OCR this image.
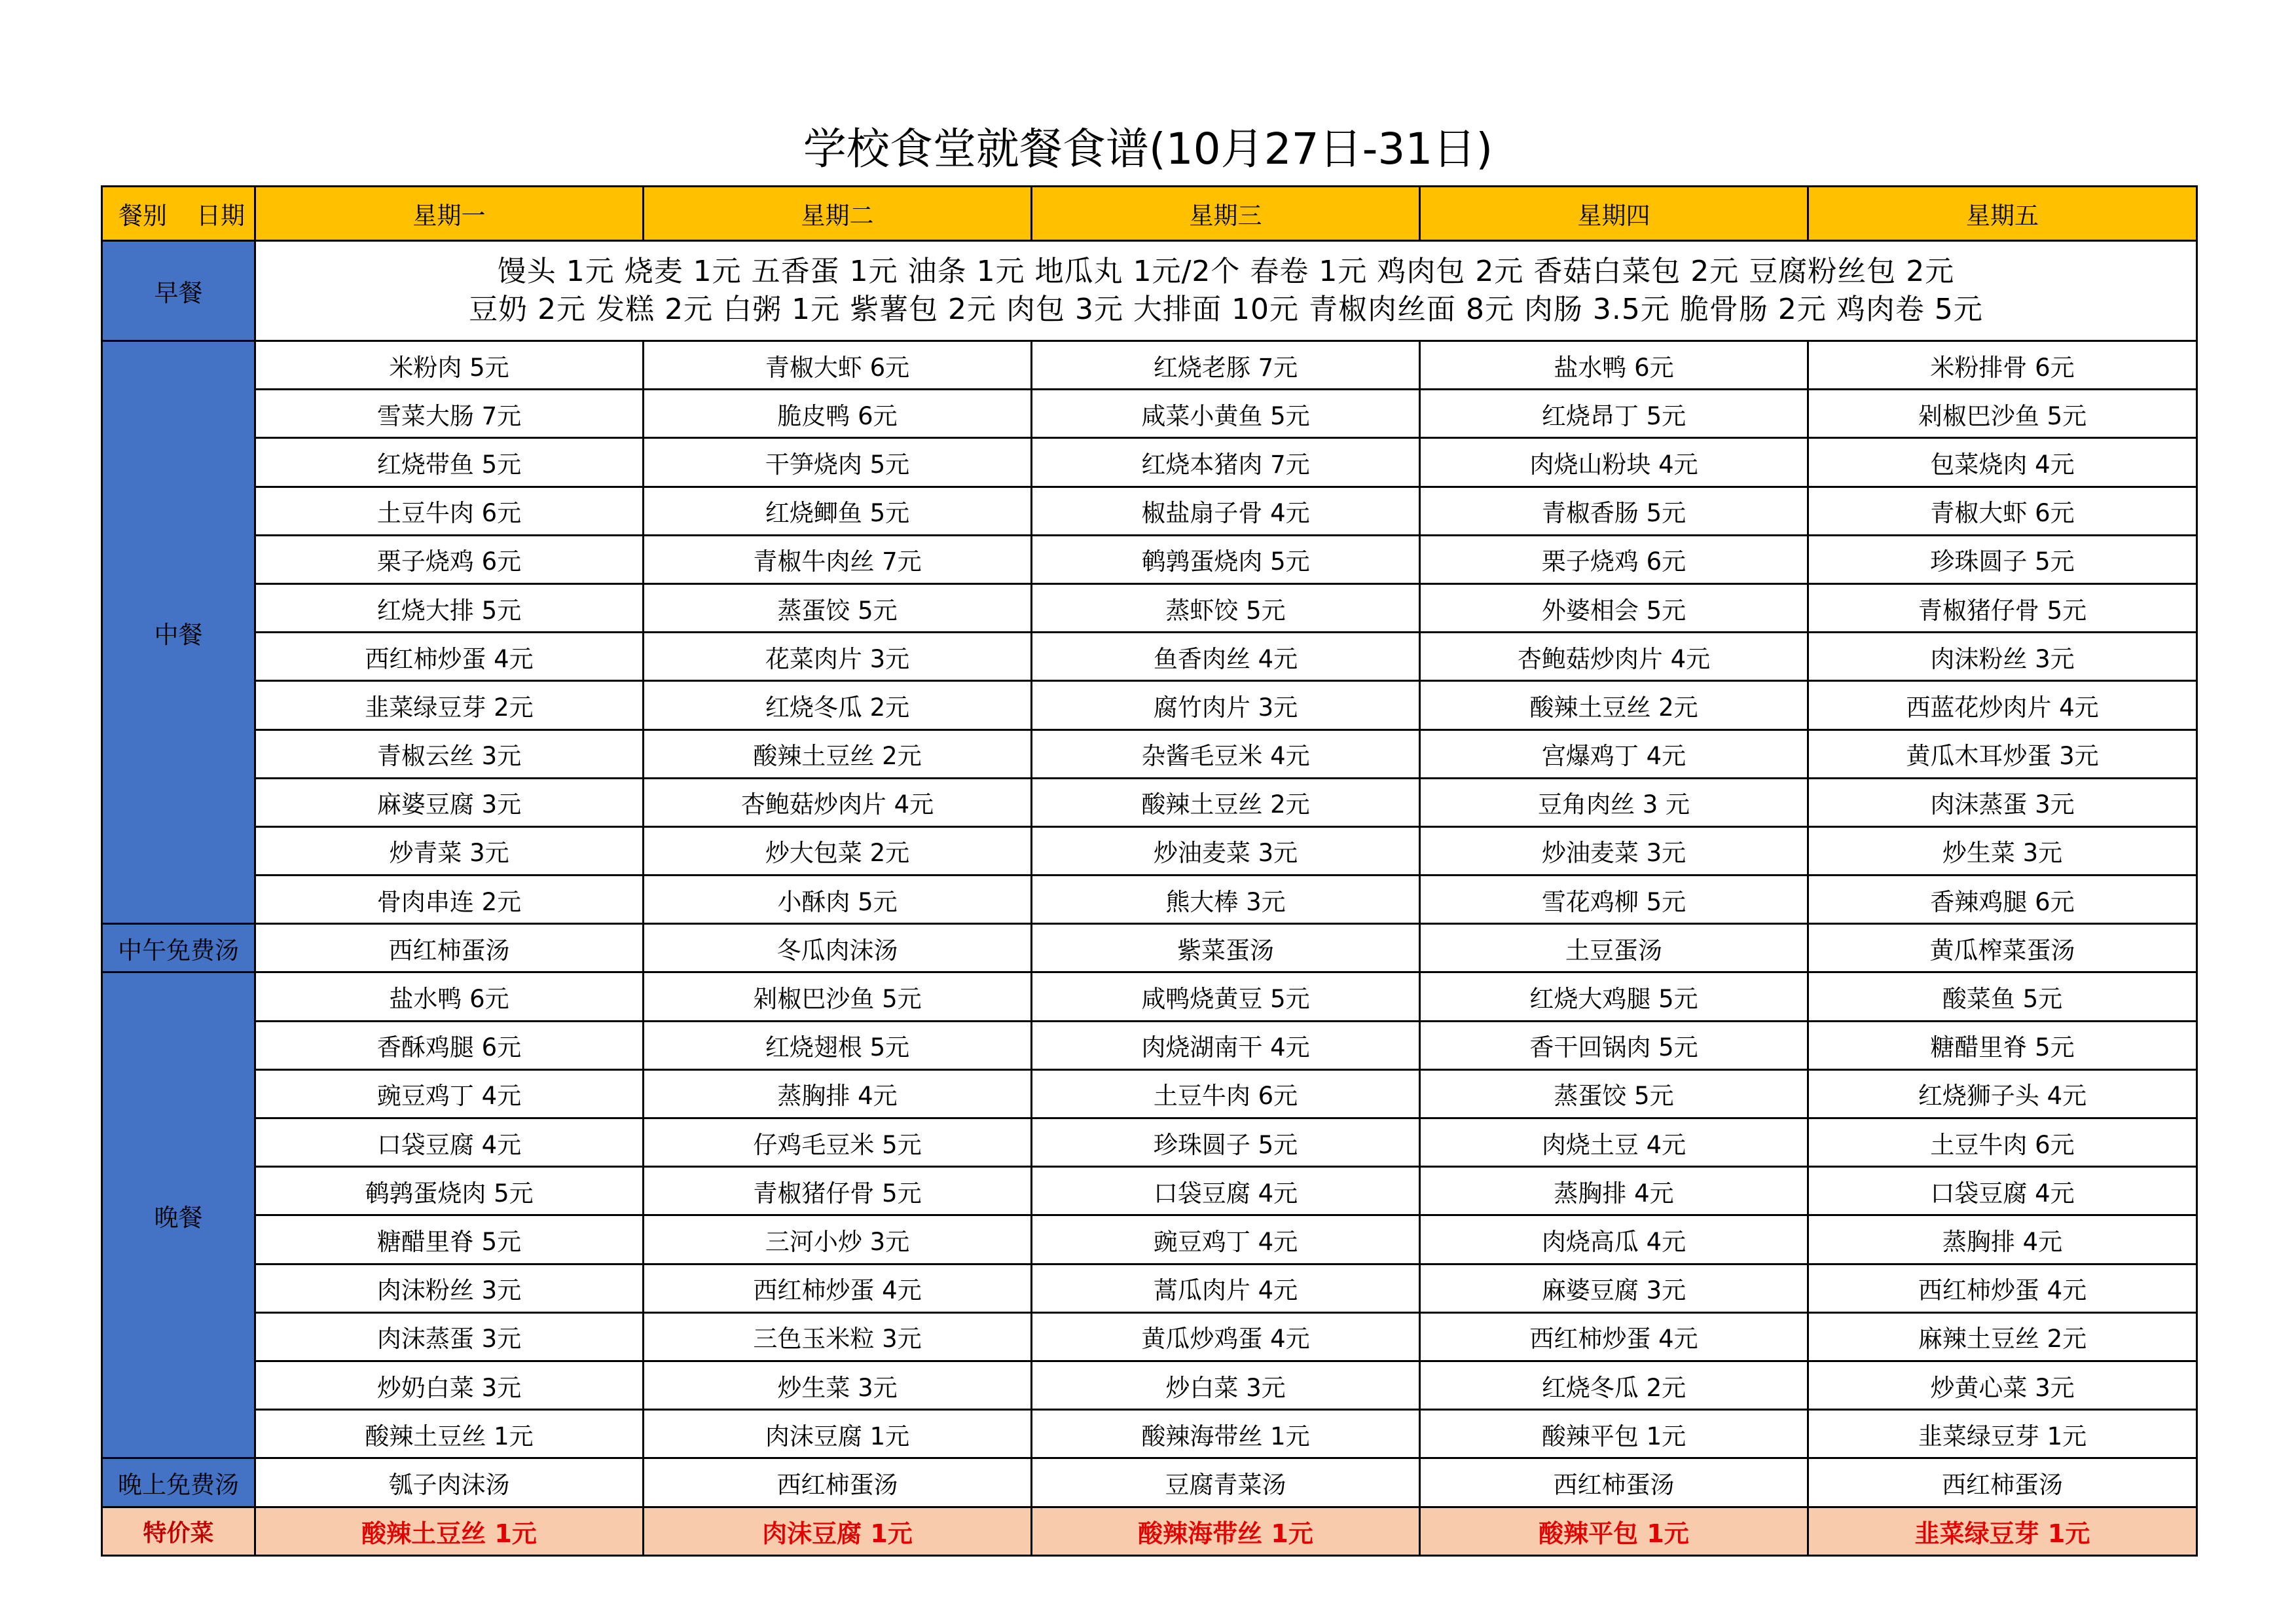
学校食堂就餐食谱(10月27日-31日)
餐别 日期	星期一	星期二	星期三	星期四	星期五
早餐	馒头 1元 烧麦 1元 五香蛋 1元 油条 1元 地瓜丸 1元/2个 春卷 1元 鸡肉包 2元 香菇白菜包 2元 豆腐粉丝包 2元
豆奶 2元 发糕 2元 白粥 1元 紫薯包 2元 肉包 3元 大排面 10元 青椒肉丝面 8元 肉肠 3.5元 脆骨肠 2元 鸡肉卷 5元				

中餐	米粉肉 5元	青椒大虾 6元	红烧老豚 7元	盐水鸭 6元	米粉排骨 6元
	雪菜大肠 7元	脆皮鸭 6元	咸菜小黄鱼 5元	红烧昂丁 5元	剁椒巴沙鱼 5元
	红烧带鱼 5元	干笋烧肉 5元	红烧本猪肉 7元	肉烧山粉块 4元	包菜烧肉 4元
	土豆牛肉 6元	红烧鲫鱼 5元	椒盐扇子骨 4元	青椒香肠 5元	青椒大虾 6元
	栗子烧鸡 6元	青椒牛肉丝 7元	鹌鹑蛋烧肉 5元	栗子烧鸡 6元	珍珠圆子 5元
	红烧大排 5元	蒸蛋饺 5元	蒸虾饺 5元	外婆相会 5元	青椒猪仔骨 5元
	西红柿炒蛋 4元	花菜肉片 3元	鱼香肉丝 4元	杏鲍菇炒肉片 4元	肉沫粉丝 3元
	韭菜绿豆芽 2元	红烧冬瓜 2元	腐竹肉片 3元	酸辣土豆丝 2元	西蓝花炒肉片 4元
	青椒云丝 3元	酸辣土豆丝 2元	杂酱毛豆米 4元	宫爆鸡丁 4元	黄瓜木耳炒蛋 3元
	麻婆豆腐 3元	杏鲍菇炒肉片 4元	酸辣土豆丝 2元	豆角肉丝 3 元	肉沫蒸蛋 3元
	炒青菜 3元	炒大包菜 2元	炒油麦菜 3元	炒油麦菜 3元	炒生菜 3元
	骨肉串连 2元	小酥肉 5元	熊大棒 3元	雪花鸡柳 5元	香辣鸡腿 6元
中午免费汤	西红柿蛋汤	冬瓜肉沫汤	紫菜蛋汤	土豆蛋汤	黄瓜榨菜蛋汤
晚餐	盐水鸭 6元	剁椒巴沙鱼 5元	咸鸭烧黄豆 5元	红烧大鸡腿 5元	酸菜鱼 5元
	香酥鸡腿 6元	红烧翅根 5元	肉烧湖南干 4元	香干回锅肉 5元	糖醋里脊 5元
	豌豆鸡丁 4元	蒸胸排 4元	土豆牛肉 6元	蒸蛋饺 5元	红烧狮子头 4元
	口袋豆腐 4元	仔鸡毛豆米 5元	珍珠圆子 5元	肉烧土豆 4元	土豆牛肉 6元
	鹌鹑蛋烧肉 5元	青椒猪仔骨 5元	口袋豆腐 4元	蒸胸排 4元	口袋豆腐 4元
	糖醋里脊 5元	三河小炒 3元	豌豆鸡丁 4元	肉烧高瓜 4元	蒸胸排 4元
	肉沫粉丝 3元	西红柿炒蛋 4元	蒿瓜肉片 4元	麻婆豆腐 3元	西红柿炒蛋 4元
	肉沫蒸蛋 3元	三色玉米粒 3元	黄瓜炒鸡蛋 4元	西红柿炒蛋 4元	麻辣土豆丝 2元
	炒奶白菜 3元	炒生菜 3元	炒白菜 3元	红烧冬瓜 2元	炒黄心菜 3元
	酸辣土豆丝 1元	肉沫豆腐 1元	酸辣海带丝 1元	酸辣平包 1元	韭菜绿豆芽 1元
晚上免费汤	瓠子肉沫汤	西红柿蛋汤	豆腐青菜汤	西红柿蛋汤	西红柿蛋汤
特价菜	酸辣土豆丝 1元	肉沫豆腐 1元	酸辣海带丝 1元	酸辣平包 1元	韭菜绿豆芽 1元
